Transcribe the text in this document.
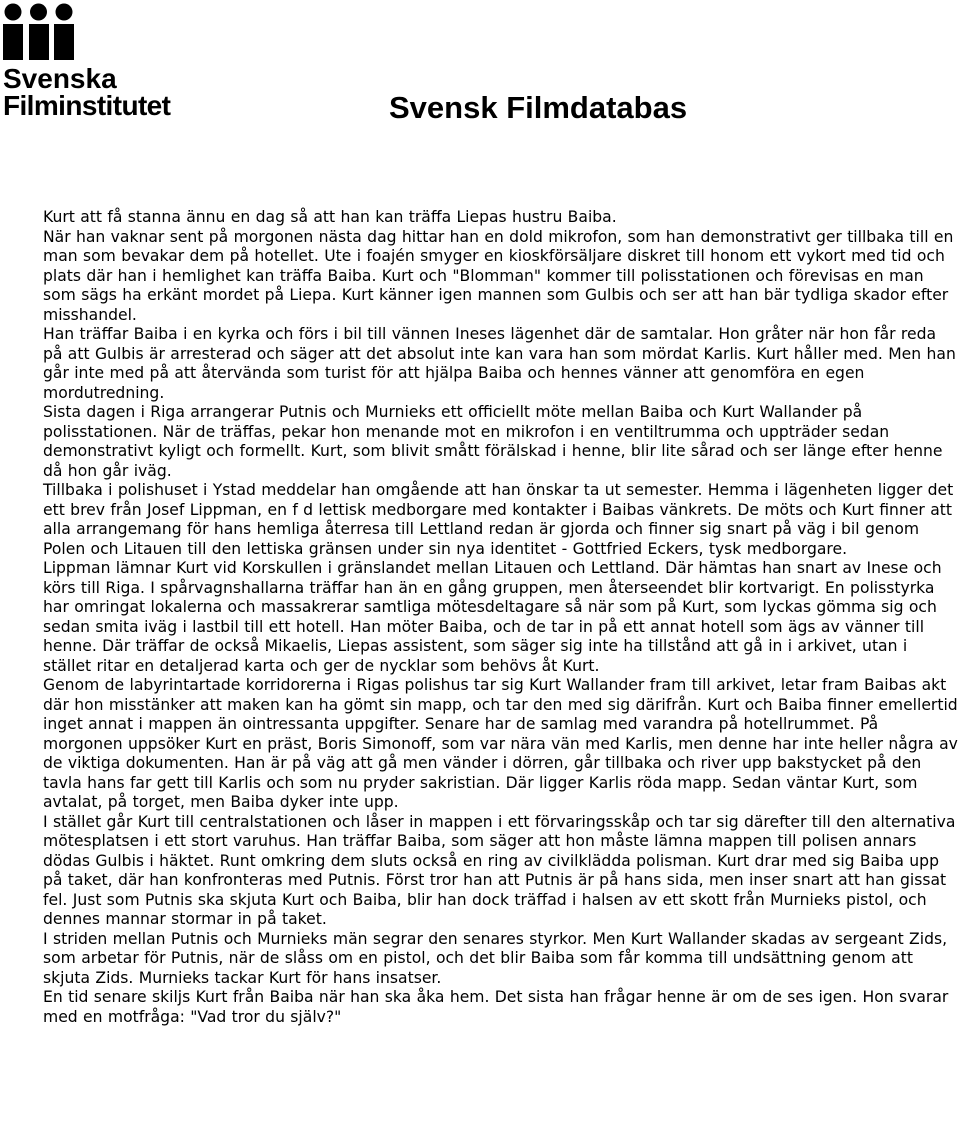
Svenska
Filminstitutet	Svensk Filmdatabas

Kurt att få stanna ännu en dag så att han kan träffa Liepas hustru Baiba.

När han vaknar sent på morgonen nästa dag hittar han en dold mikrofon, som han demonstrativt ger tillbaka till en man som bevakar dem på hotellet. Ute i foajén smyger en kioskförsäljare diskret till honom ett vykort med tid och plats där han i hemlighet kan träffa Baiba. Kurt och "Blomman" kommer till polisstationen och förevisas en man som sägs ha erkänt mordet på Liepa. Kurt känner igen mannen som Gulbis och ser att han bär tydliga skador efter misshandel.

Han träffar Baiba i en kyrka och förs i bil till vännen Ineses lägenhet där de samtalar. Hon gråter när hon får reda på att Gulbis är arresterad och säger att det absolut inte kan vara han som mördat Karlis. Kurt håller med. Men han går inte med på att återvända som turist för att hjälpa Baiba och hennes vänner att genomföra en egen mordutredning.

Sista dagen i Riga arrangerar Putnis och Murnieks ett officiellt möte mellan Baiba och Kurt Wallander på polisstationen. När de träffas, pekar hon menande mot en mikrofon i en ventiltrumma och uppträder sedan demonstrativt kyligt och formellt. Kurt, som blivit smått förälskad i henne, blir lite sårad och ser länge efter henne då hon går iväg.

Tillbaka i polishuset i Ystad meddelar han omgående att han önskar ta ut semester. Hemma i lägenheten ligger det ett brev från Josef Lippman, en f d lettisk medborgare med kontakter i Baibas vänkrets. De möts och Kurt finner att alla arrangemang för hans hemliga återresa till Lettland redan är gjorda och finner sig snart på väg i bil genom Polen och Litauen till den lettiska gränsen under sin nya identitet - Gottfried Eckers, tysk medborgare.

Lippman lämnar Kurt vid Korskullen i gränslandet mellan Litauen och Lettland. Där hämtas han snart av Inese och körs till Riga. I spårvagnshallarna träffar han än en gång gruppen, men återseendet blir kortvarigt. En polisstyrka har omringat lokalerna och massakrerar samtliga mötesdeltagare så när som på Kurt, som lyckas gömma sig och sedan smita iväg i lastbil till ett hotell. Han möter Baiba, och de tar in på ett annat hotell som ägs av vänner till henne. Där träffar de också Mikaelis, Liepas assistent, som säger sig inte ha tillstånd att gå in i arkivet, utan i stället ritar en detaljerad karta och ger de nycklar som behövs åt Kurt.

Genom de labyrintartade korridorerna i Rigas polishus tar sig Kurt Wallander fram till arkivet, letar fram Baibas akt där hon misstänker att maken kan ha gömt sin mapp, och tar den med sig därifrån. Kurt och Baiba finner emellertid inget annat i mappen än ointressanta uppgifter. Senare har de samlag med varandra på hotellrummet. På morgonen uppsöker Kurt en präst, Boris Simonoff, som var nära vän med Karlis, men denne har inte heller några av de viktiga dokumenten. Han är på väg att gå men vänder i dörren, går tillbaka och river upp bakstycket på den tavla hans far gett till Karlis och som nu pryder sakristian. Där ligger Karlis röda mapp. Sedan väntar Kurt, som avtalat, på torget, men Baiba dyker inte upp.

I stället går Kurt till centralstationen och låser in mappen i ett förvaringsskåp och tar sig därefter till den alternativa mötesplatsen i ett stort varuhus. Han träffar Baiba, som säger att hon måste lämna mappen till polisen annars dödas Gulbis i häktet. Runt omkring dem sluts också en ring av civilklädda polisman. Kurt drar med sig Baiba upp på taket, där han konfronteras med Putnis. Först tror han att Putnis är på hans sida, men inser snart att han gissat fel. Just som Putnis ska skjuta Kurt och Baiba, blir han dock träffad i halsen av ett skott från Murnieks pistol, och dennes mannar stormar in på taket.

I striden mellan Putnis och Murnieks män segrar den senares styrkor. Men Kurt Wallander skadas av sergeant Zids, som arbetar för Putnis, när de slåss om en pistol, och det blir Baiba som får komma till undsättning genom att skjuta Zids. Murnieks tackar Kurt för hans insatser.

En tid senare skiljs Kurt från Baiba när han ska åka hem. Det sista han frågar henne är om de ses igen. Hon svarar med en motfråga: "Vad tror du själv?"
